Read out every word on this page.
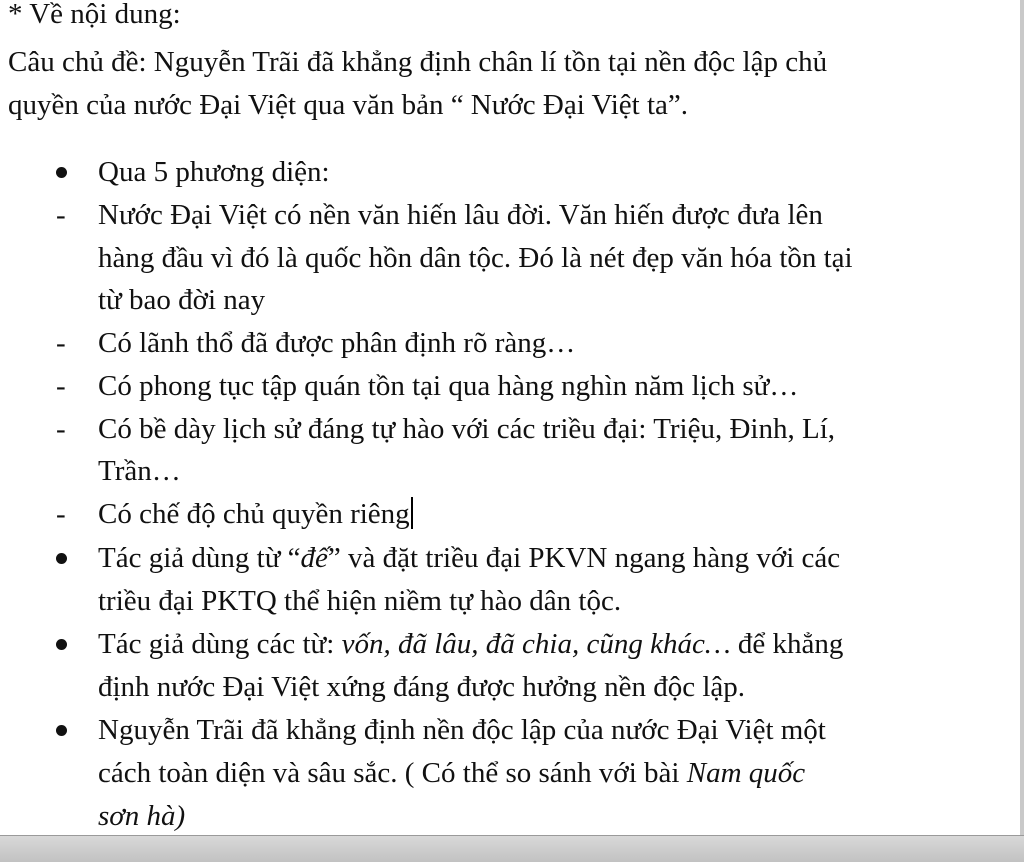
* Về nội dung:
Câu chủ đề: Nguyễn Trãi đã khẳng định chân lí tồn tại nền độc lập chủ
quyền của nước Đại Việt qua văn bản “ Nước Đại Việt ta”.
Qua 5 phương diện:
- Nước Đại Việt có nền văn hiến lâu đời. Văn hiến được đưa lên
hàng đầu vì đó là quốc hồn dân tộc. Đó là nét đẹp văn hóa tồn tại
từ bao đời nay
- Có lãnh thổ đã được phân định rõ ràng…
- Có phong tục tập quán tồn tại qua hàng nghìn năm lịch sử…
- Có bề dày lịch sử đáng tự hào với các triều đại: Triệu, Đinh, Lí,
Trần…
- Có chế độ chủ quyền riêng
Tác giả dùng từ “đế” và đặt triều đại PKVN ngang hàng với các
triều đại PKTQ thể hiện niềm tự hào dân tộc.
Tác giả dùng các từ: vốn, đã lâu, đã chia, cũng khác… để khẳng
định nước Đại Việt xứng đáng được hưởng nền độc lập.
Nguyễn Trãi đã khẳng định nền độc lập của nước Đại Việt một
cách toàn diện và sâu sắc. ( Có thể so sánh với bài Nam quốc
sơn hà)
